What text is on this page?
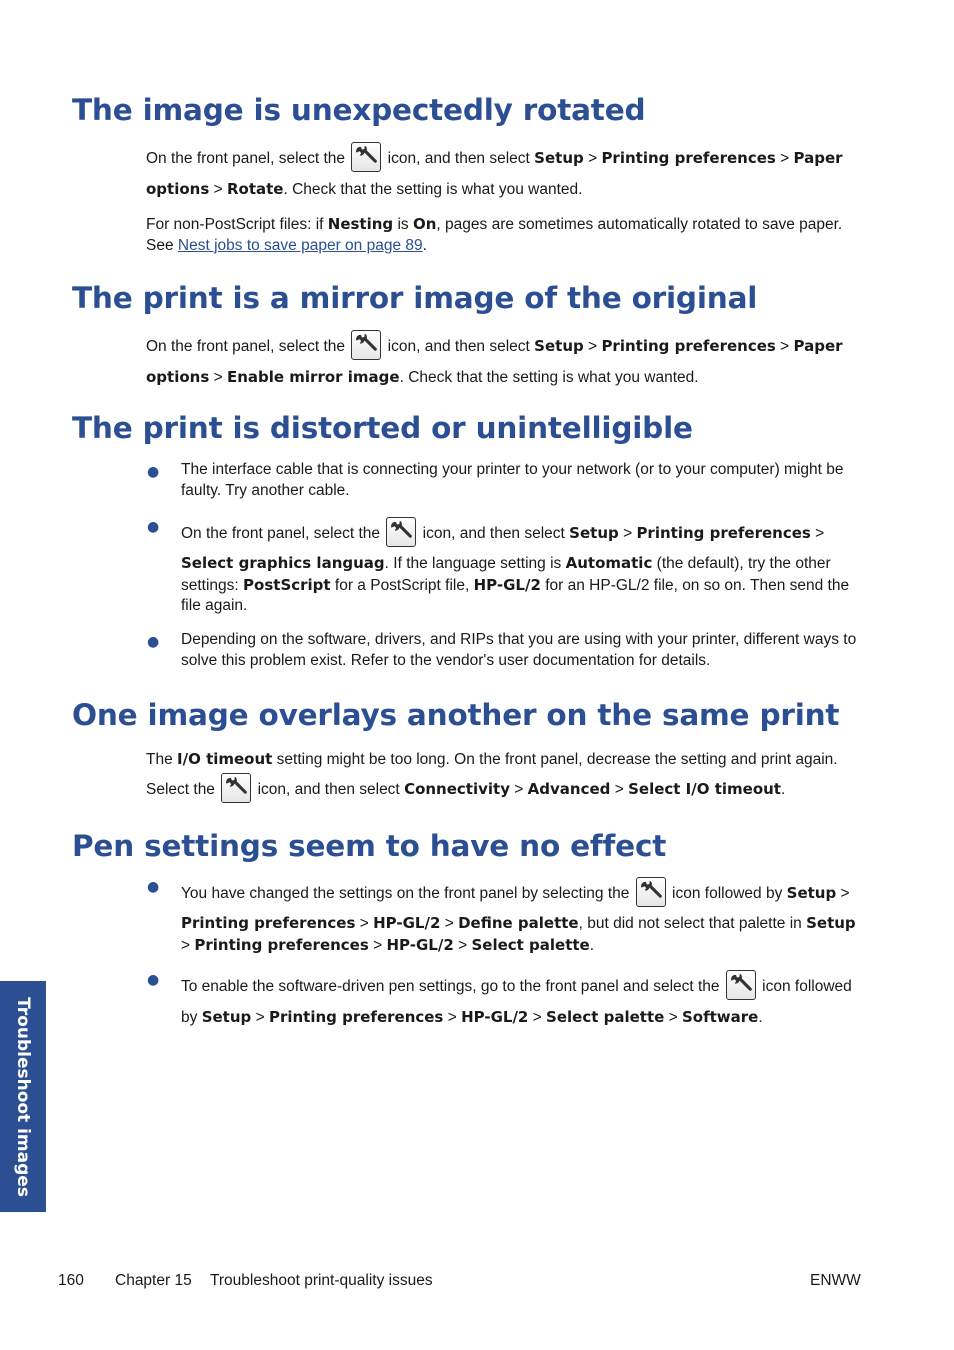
The image is unexpectedly rotated
On the front panel, select the	icon, and then select Setup > Printing preferences > Paper options > Rotate. Check that the setting is what you wanted.
For non-PostScript files: if Nesting is On, pages are sometimes automatically rotated to save paper. See Nest jobs to save paper on page 89.
The print is a mirror image of the original
On the front panel, select the	icon, and then select Setup > Printing preferences > Paper options > Enable mirror image. Check that the setting is what you wanted.
The print is distorted or unintelligible
● The interface cable that is connecting your printer to your network (or to your computer) might be faulty. Try another cable.
● On the front panel, select the	icon, and then select Setup > Printing preferences >
Select graphics languag. If the language setting is Automatic (the default), try the other settings: PostScript for a PostScript file, HP-GL/2 for an HP-GL/2 file, on so on. Then send the file again.
● Depending on the software, drivers, and RIPs that you are using with your printer, different ways to solve this problem exist. Refer to the vendor's user documentation for details.
One image overlays another on the same print
The I/O timeout setting might be too long. On the front panel, decrease the setting and print again. Select the	icon, and then select Connectivity > Advanced > Select I/O timeout.
Pen settings seem to have no effect
● You have changed the settings on the front panel by selecting the	icon followed by Setup >
Printing preferences > HP-GL/2 > Define palette, but did not select that palette in Setup > Printing preferences > HP-GL/2 > Select palette.
● To enable the software-driven pen settings, go to the front panel and select the	icon followed by Setup > Printing preferences > HP-GL/2 > Select palette > Software.
Troubleshoot images
160 Chapter 15 Troubleshoot print-quality issues	ENWW
